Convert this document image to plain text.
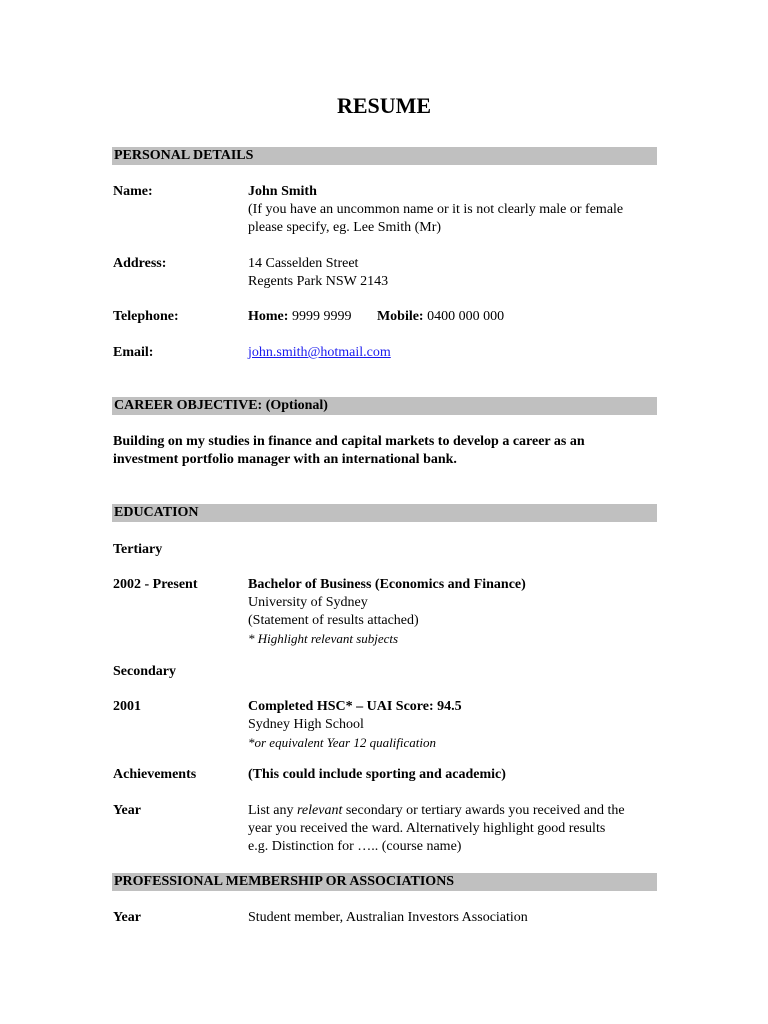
RESUME
PERSONAL DETAILS
Name:	John Smith
(If you have an uncommon name or it is not clearly male or female
please specify, eg. Lee Smith (Mr)
Address:	14 Casselden Street
Regents Park NSW 2143
Telephone:	Home: 9999 9999 Mobile: 0400 000 000
Email:	john.smith@hotmail.com
CAREER OBJECTIVE: (Optional)
Building on my studies in finance and capital markets to develop a career as an
investment portfolio manager with an international bank.
EDUCATION
Tertiary
2002 - Present	Bachelor of Business (Economics and Finance)
University of Sydney
(Statement of results attached)
* Highlight relevant subjects
Secondary
2001	Completed HSC* – UAI Score: 94.5
Sydney High School
*or equivalent Year 12 qualification
Achievements	(This could include sporting and academic)
Year	List any relevant secondary or tertiary awards you received and the
year you received the ward. Alternatively highlight good results
e.g. Distinction for ….. (course name)
PROFESSIONAL MEMBERSHIP OR ASSOCIATIONS
Year	Student member, Australian Investors Association
